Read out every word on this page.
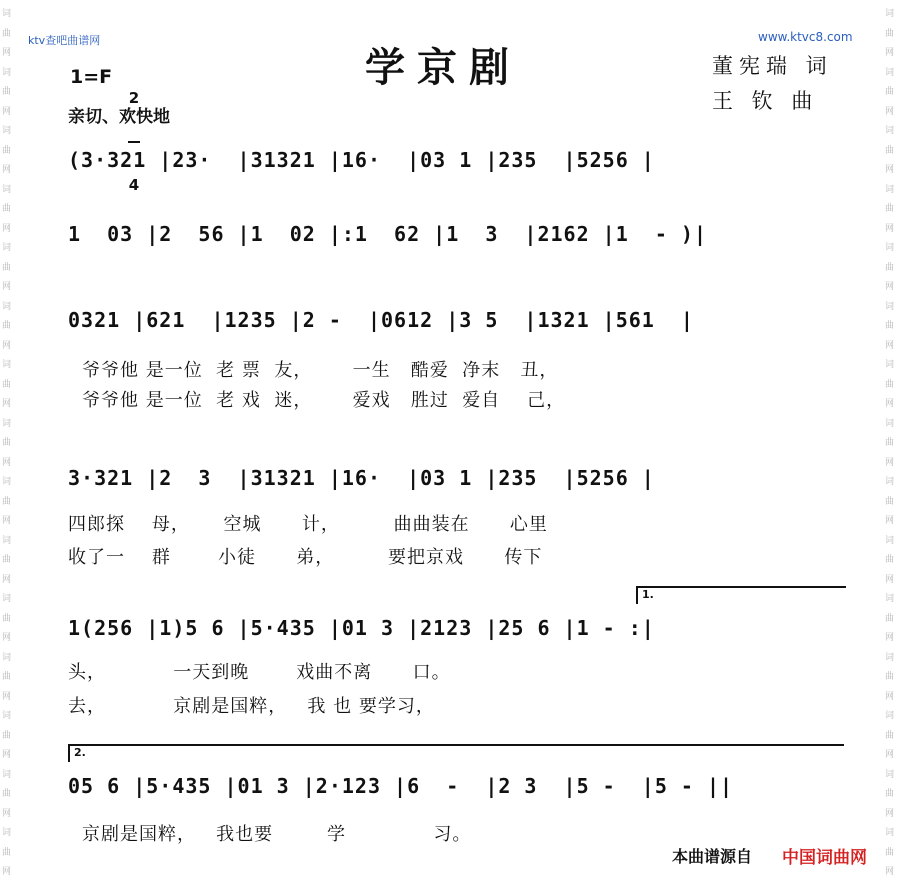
词
曲
网
词
曲
网
词
曲
网
词
曲
网
词
曲
网
词
曲
网
词
曲
网
词
曲
网
词
曲
网
词
曲
网
词
曲
网
词
曲
网
词
曲
网
词
曲
网
词
曲
网
词
曲
网
词
曲
网
词
曲
网
词
曲
网
词
曲
网
词
曲
网
词
曲
网
词
曲
网
词
曲
网
词
曲
网
词
曲
网
词
曲
网
词
曲
网
词
曲
网
词
曲
网
ktv查吧曲谱网	www.ktvc8.com
学京剧
1=F

2

4

亲切、欢快地
董宪瑞 词
王 钦 曲
(3·321 |23·  |31321 |16·  |03 1 |235  |5256 |
1  03 |2  56 |1  02 |:1  62 |1  3  |2162 |1  - )|
0321 |621  |1235 |2 -  |0612 |3 5  |1321 |561  |
爷爷他 是一位  老 票  友，      一生   酷爱  净末   丑，
爷爷他 是一位  老 戏  迷，      爱戏   胜过  爱自    己，
3·321 |2  3  |31321 |16·  |03 1 |235  |5256 |
四郎探    母，     空城      计，        曲曲装在      心里
收了一    群       小徒      弟，        要把京戏      传下
1.
1(256 |1)5 6 |5·435 |01 3 |2123 |25 6 |1 - :|
头，          一天到晚       戏曲不离      口。
去，          京剧是国粹，   我 也 要学习，
2.
05 6 |5·435 |01 3 |2·123 |6  -  |2 3  |5 -  |5 - ||
京剧是国粹，   我也要        学             习。
本曲谱源自 中国词曲网
